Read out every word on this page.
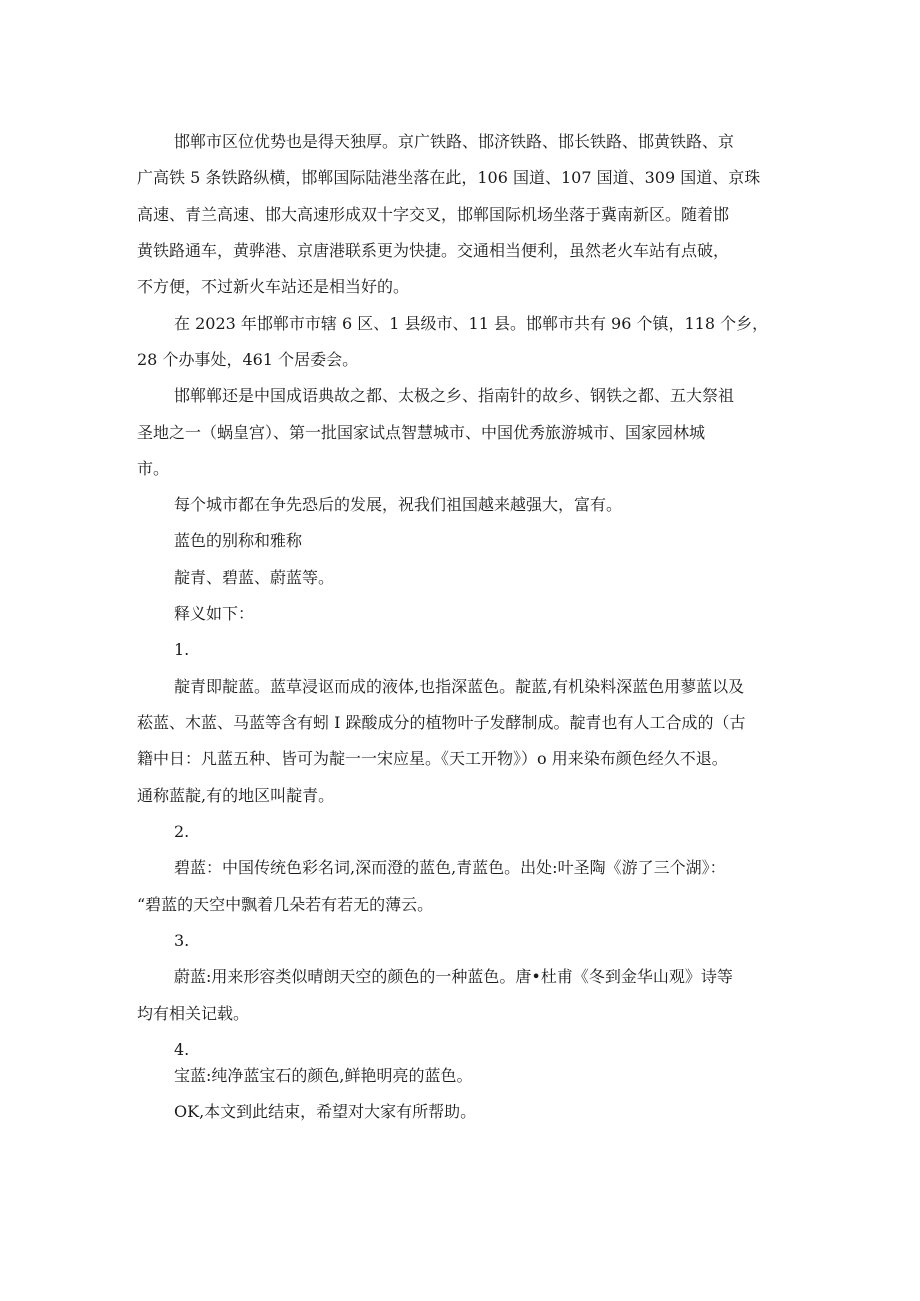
邯郸市区位优势也是得天独厚。京广铁路、邯济铁路、邯长铁路、邯黄铁路、京

广高铁 5 条铁路纵横，邯郸国际陆港坐落在此，106 国道、107 国道、309 国道、京珠

高速、青兰高速、邯大高速形成双十字交叉，邯郸国际机场坐落于冀南新区。随着邯

黄铁路通车，黄骅港、京唐港联系更为快捷。交通相当便利，虽然老火车站有点破，

不方便，不过新火车站还是相当好的。

在 2023 年邯郸市市辖 6 区、1 县级市、11 县。邯郸市共有 96 个镇，118 个乡，

28 个办事处，461 个居委会。

邯郸郸还是中国成语典故之都、太极之乡、指南针的故乡、钢铁之都、五大祭祖

圣地之一（蜗皇宫）、第一批国家试点智慧城市、中国优秀旅游城市、国家园林城

市。

每个城市都在争先恐后的发展，祝我们祖国越来越强大，富有。

蓝色的别称和雅称

靛青、碧蓝、蔚蓝等。

释义如下：

1.

靛青即靛蓝。蓝草浸讴而成的液体,也指深蓝色。靛蓝,有机染料深蓝色用蓼蓝以及

菘蓝、木蓝、马蓝等含有蚓 I 跺酸成分的植物叶子发酵制成。靛青也有人工合成的（古

籍中日：凡蓝五种、皆可为靛一一宋应星。《天工开物》）o 用来染布颜色经久不退。

通称蓝靛,有的地区叫靛青。

2.

碧蓝：中国传统色彩名词,深而澄的蓝色,青蓝色。出处:叶圣陶《游了三个湖》：

“碧蓝的天空中飘着几朵若有若无的薄云。

3.

蔚蓝:用来形容类似晴朗天空的颜色的一种蓝色。唐•杜甫《冬到金华山观》诗等

均有相关记载。

4.

宝蓝:纯净蓝宝石的颜色,鲜艳明亮的蓝色。

OK,本文到此结束，希望对大家有所帮助。
